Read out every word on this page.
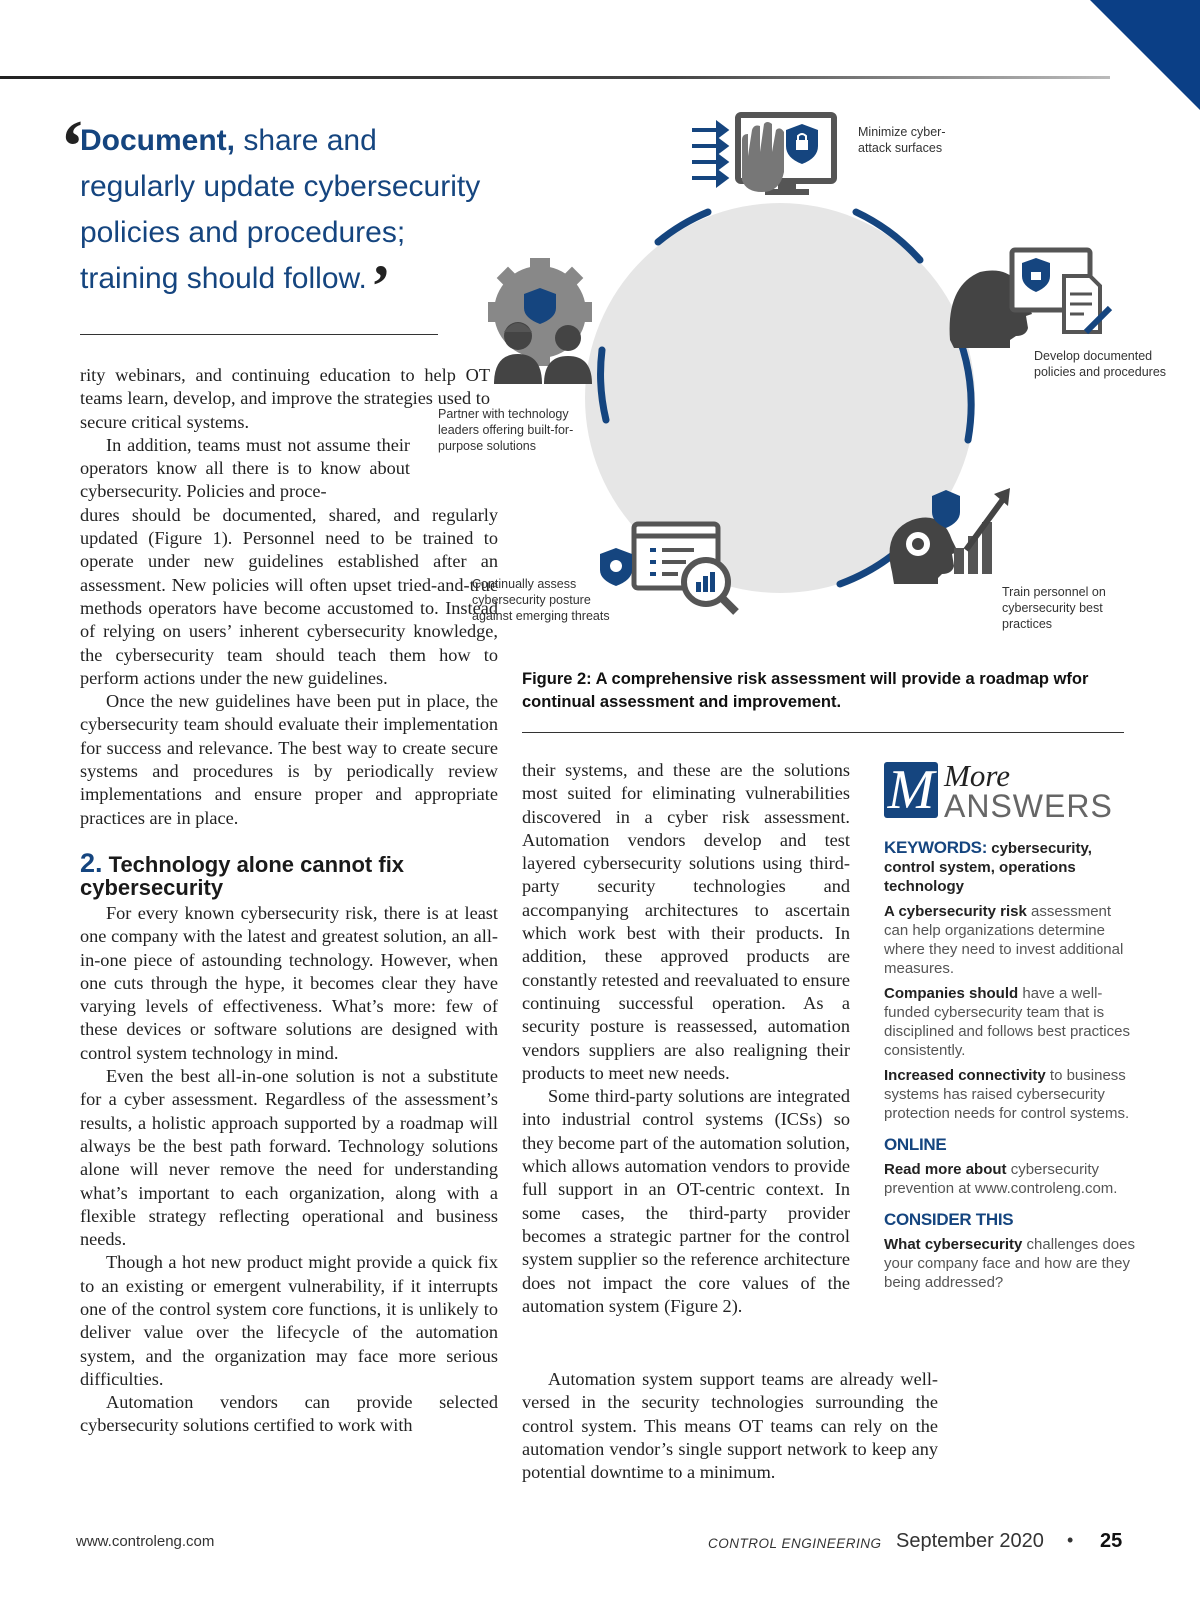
‘
Document, share and regularly update cybersecurity policies and procedures; training should follow.’

rity webinars, and continuing education to help OT teams learn, develop, and improve the strategies used to secure critical systems.

In addition, teams must not assume their operators know all there is to know about cybersecurity. Policies and proce-

dures should be documented, shared, and regularly updated (Figure 1). Personnel need to be trained to operate under new guidelines established after an assessment. New policies will often upset tried-and-true methods operators have become accustomed to. Instead of relying on users’ inherent cybersecurity knowledge, the cybersecurity team should teach them how to perform actions under the new guidelines.

Once the new guidelines have been put in place, the cybersecurity team should evaluate their implementation for success and relevance. The best way to create secure systems and procedures is by periodically review implementations and ensure proper and appropriate practices are in place.

2. Technology alone cannot fix cybersecurity

For every known cybersecurity risk, there is at least one company with the latest and greatest solution, an all-in-one piece of astounding technology. However, when one cuts through the hype, it becomes clear they have varying levels of effectiveness. What’s more: few of these devices or software solutions are designed with control system technology in mind.

Even the best all-in-one solution is not a substitute for a cyber assessment. Regardless of the assessment’s results, a holistic approach supported by a roadmap will always be the best path forward. Technology solutions alone will never remove the need for understanding what’s important to each organization, along with a flexible strategy reflecting operational and business needs.

Though a hot new product might provide a quick fix to an existing or emergent vulnerability, if it interrupts one of the control system core functions, it is unlikely to deliver value over the lifecycle of the automation system, and the organization may face more serious difficulties.

Automation vendors can provide selected cybersecurity solutions certified to work with

Minimize cyber-attack surfaces
Develop documented policies and procedures
Train personnel on cybersecurity best practices
Continually assess cybersecurity posture against emerging threats
Partner with technology leaders offering built-for-purpose solutions
Figure 2: A comprehensive risk assessment will provide a roadmap wfor continual assessment and improvement.

their systems, and these are the solutions most suited for eliminating vulnerabilities discovered in a cyber risk assessment. Automation vendors develop and test layered cybersecurity solutions using third-party security technologies and accompanying architectures to ascertain which work best with their products. In addition, these approved products are constantly retested and reevaluated to ensure continuing successful operation. As a security posture is reassessed, automation vendors suppliers are also realigning their products to meet new needs.

Some third-party solutions are integrated into industrial control systems (ICSs) so they become part of the automation solution, which allows automation vendors to provide full support in an OT-centric context. In some cases, the third-party provider becomes a strategic partner for the control system supplier so the reference architecture does not impact the core values of the automation system (Figure 2).

Automation system support teams are already well-versed in the security technologies surrounding the control system. This means OT teams can rely on the automation vendor’s single support network to keep any potential downtime to a minimum.

M More
ANSWERS

KEYWORDS: cybersecurity, control system, operations technology

A cybersecurity risk assessment can help organizations determine where they need to invest additional measures.

Companies should have a well-funded cybersecurity team that is disciplined and follows best practices consistently.

Increased connectivity to business systems has raised cybersecurity protection needs for control systems.

ONLINE

Read more about cybersecurity prevention at www.controleng.com.

CONSIDER THIS

What cybersecurity challenges does your company face and how are they being addressed?

www.controleng.com	CONTROL ENGINEERING September 2020 • 25
